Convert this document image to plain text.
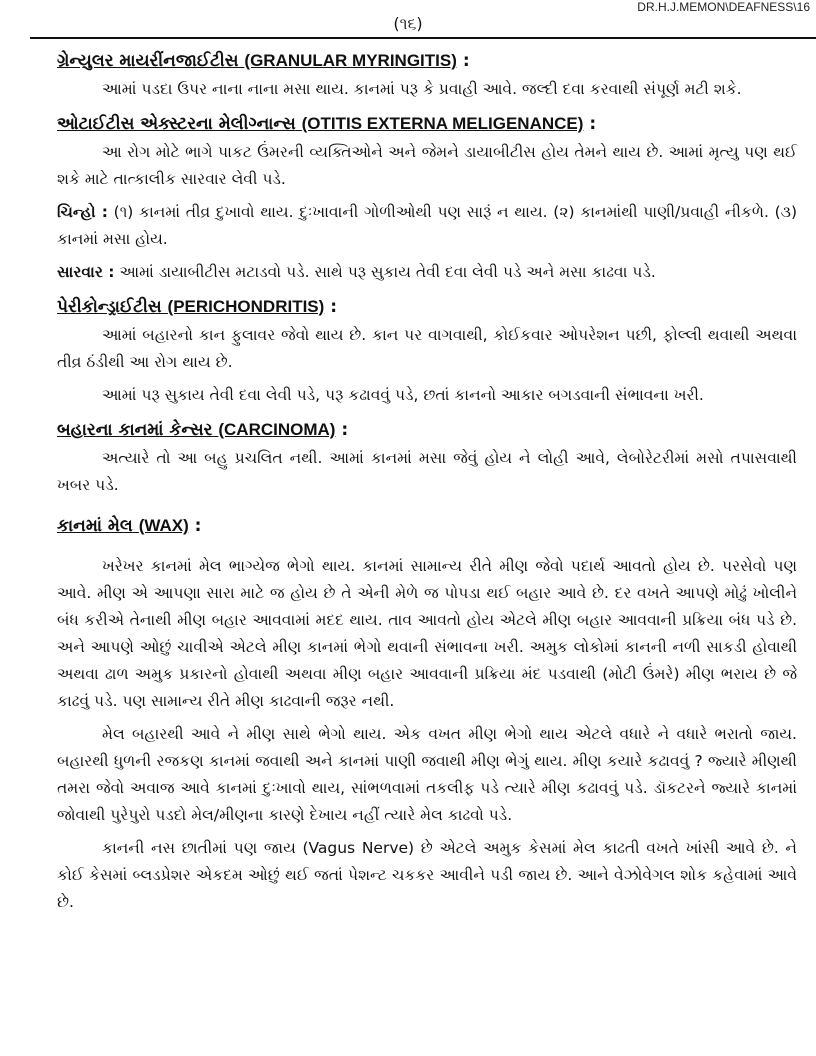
DR.H.J.MEMON\DEAFNESS\16
(૧૬)
ગ્રેન્યુલર માયરીંનજાઈટીસ (GRANULAR MYRINGITIS) :

આમાં પડદા ઉપર નાના નાના મસા થાય. કાનમાં પરૂ કે પ્રવાહી આવે. જલ્દી દવા કરવાથી સંપૂર્ણ મટી શકે.

ઓટાઈટીસ એક્સ્ટરના મેલીગ્નાન્સ (OTITIS EXTERNA MELIGENANCE) :

આ રોગ મોટે ભાગે પાકટ ઉંમરની વ્યક્તિઓને અને જેમને ડાયાબીટીસ હોય તેમને થાય છે. આમાં મૃત્યુ પણ થઈ શકે માટે તાત્કાલીક સારવાર લેવી પડે.

ચિન્હો : (૧) કાનમાં તીવ્ર દુખાવો થાય. દુઃખાવાની ગોળીઓથી પણ સારૂં ન થાય. (૨) કાનમાંથી પાણી/પ્રવાહી નીકળે. (૩) કાનમાં મસા હોય.

સારવાર : આમાં ડાયાબીટીસ મટાડવો પડે. સાથે પરૂ સુકાય તેવી દવા લેવી પડે અને મસા કાઢવા પડે.

પેરીકોન્ડ્રાઈટીસ (PERICHONDRITIS) :

આમાં બહારનો કાન ફુલાવર જેવો થાય છે. કાન પર વાગવાથી, કોઈકવાર ઓપરેશન પછી, ફોલ્લી થવાથી અથવા તીવ્ર ઠંડીથી આ રોગ થાય છે.

આમાં પરૂ સુકાય તેવી દવા લેવી પડે, પરૂ કઢાવવું પડે, છતાં કાનનો આકાર બગડવાની સંભાવના ખરી.

બહારના કાનમાં કેન્સર (CARCINOMA) :

અત્યારે તો આ બહુ પ્રચલિત નથી. આમાં કાનમાં મસા જેવું હોય ને લોહી આવે, લેબોરેટરીમાં મસો તપાસવાથી ખબર પડે.

કાનમાં મેલ (WAX) :

ખરેખર કાનમાં મેલ ભાગ્યેજ ભેગો થાય. કાનમાં સામાન્ય રીતે મીણ જેવો પદાર્થ આવતો હોય છે. પરસેવો પણ આવે. મીણ એ આપણા સારા માટે જ હોય છે તે એની મેળે જ પોપડા થઈ બહાર આવે છે. દર વખતે આપણે મોઢું ખોલીને બંધ કરીએ તેનાથી મીણ બહાર આવવામાં મદદ થાય. તાવ આવતો હોય એટલે મીણ બહાર આવવાની પ્રક્રિયા બંધ પડે છે. અને આપણે ઓછું ચાવીએ એટલે મીણ કાનમાં ભેગો થવાની સંભાવના ખરી. અમુક લોકોમાં કાનની નળી સાકડી હોવાથી અથવા ઢાળ અમુક પ્રકારનો હોવાથી અથવા મીણ બહાર આવવાની પ્રક્રિયા મંદ પડવાથી (મોટી ઉંમરે) મીણ ભરાય છે જે કાઢવું પડે. પણ સામાન્ય રીતે મીણ કાઢવાની જરૂર નથી.

મેલ બહારથી આવે ને મીણ સાથે ભેગો થાય. એક વખત મીણ ભેગો થાય એટલે વધારે ને વધારે ભરાતો જાય. બહારથી ધુળની રજકણ કાનમાં જવાથી અને કાનમાં પાણી જવાથી મીણ ભેગું થાય. મીણ કયારે કઢાવવું ? જ્યારે મીણથી તમરા જેવો અવાજ આવે કાનમાં દુઃખાવો થાય, સાંભળવામાં તકલીફ પડે ત્યારે મીણ કઢાવવું પડે. ડૉકટરને જ્યારે કાનમાં જોવાથી પુરેપુરો પડદો મેલ/મીણના કારણે દેખાય નહીં ત્યારે મેલ કાઢવો પડે.

કાનની નસ છાતીમાં પણ જાય (Vagus Nerve) છે એટલે અમુક કેસમાં મેલ કાઢતી વખતે ખાંસી આવે છે. ને કોઈ કેસમાં બ્લડપ્રેશર એકદમ ઓછું થઈ જતાં પેશન્ટ ચકકર આવીને પડી જાય છે. આને વેઝોવેગલ શોક કહેવામાં આવે છે.
